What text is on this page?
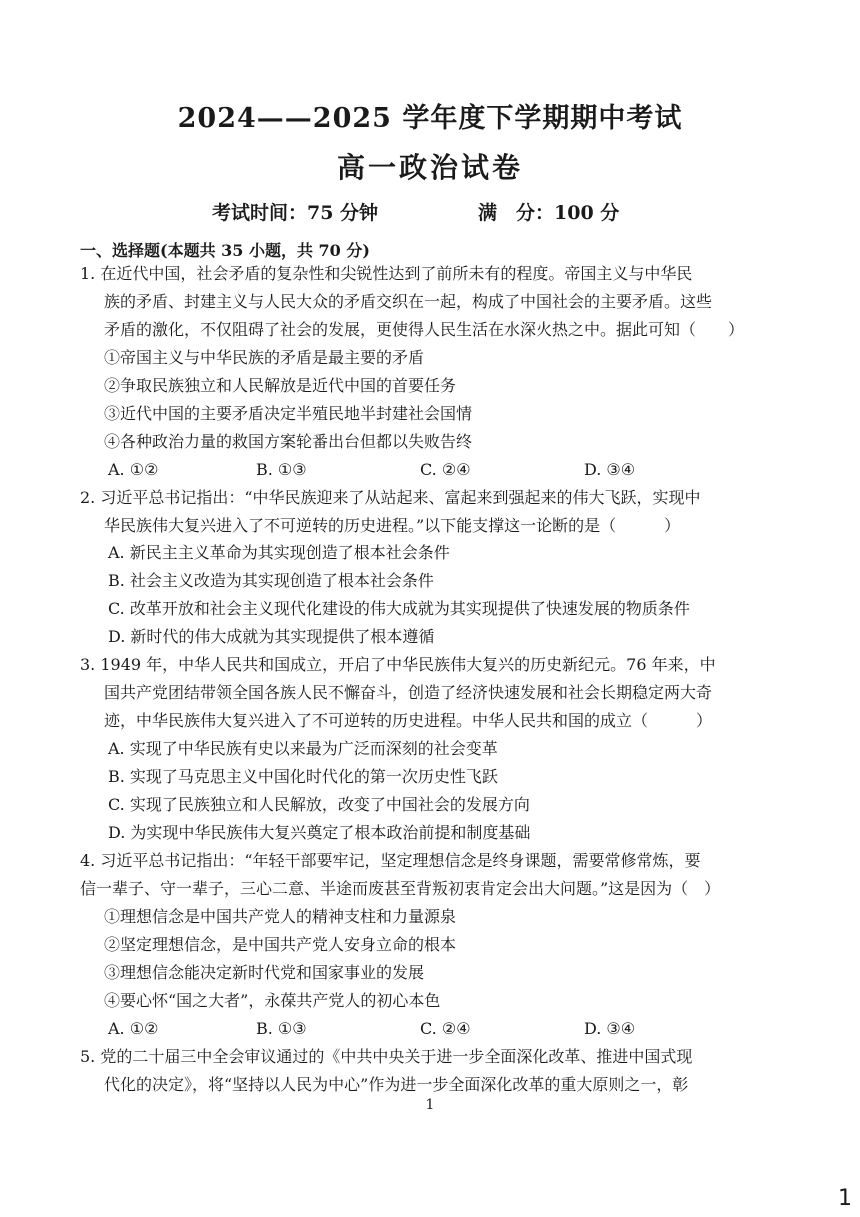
2024——2025 学年度下学期期中考试
高一政治试卷
考试时间：75 分钟	满　分：100 分
一、选择题(本题共 35 小题，共 70 分)
1. 在近代中国，社会矛盾的复杂性和尖锐性达到了前所未有的程度。帝国主义与中华民
族的矛盾、封建主义与人民大众的矛盾交织在一起，构成了中国社会的主要矛盾。这些
矛盾的激化，不仅阻碍了社会的发展，更使得人民生活在水深火热之中。据此可知（　　）
①帝国主义与中华民族的矛盾是最主要的矛盾
②争取民族独立和人民解放是近代中国的首要任务
③近代中国的主要矛盾决定半殖民地半封建社会国情
④各种政治力量的救国方案轮番出台但都以失败告终
A. ①②	B. ①③	C. ②④	D. ③④
2. 习近平总书记指出：“中华民族迎来了从站起来、富起来到强起来的伟大飞跃，实现中
华民族伟大复兴进入了不可逆转的历史进程。”以下能支撑这一论断的是（　　　）
A. 新民主主义革命为其实现创造了根本社会条件
B. 社会主义改造为其实现创造了根本社会条件
C. 改革开放和社会主义现代化建设的伟大成就为其实现提供了快速发展的物质条件
D. 新时代的伟大成就为其实现提供了根本遵循
3. 1949 年，中华人民共和国成立，开启了中华民族伟大复兴的历史新纪元。76 年来，中
国共产党团结带领全国各族人民不懈奋斗，创造了经济快速发展和社会长期稳定两大奇
迹，中华民族伟大复兴进入了不可逆转的历史进程。中华人民共和国的成立（　　　）
A. 实现了中华民族有史以来最为广泛而深刻的社会变革
B. 实现了马克思主义中国化时代化的第一次历史性飞跃
C. 实现了民族独立和人民解放，改变了中国社会的发展方向
D. 为实现中华民族伟大复兴奠定了根本政治前提和制度基础
4. 习近平总书记指出：“年轻干部要牢记，坚定理想信念是终身课题，需要常修常炼，要
信一辈子、守一辈子，三心二意、半途而废甚至背叛初衷肯定会出大问题。”这是因为（　）
①理想信念是中国共产党人的精神支柱和力量源泉
②坚定理想信念，是中国共产党人安身立命的根本
③理想信念能决定新时代党和国家事业的发展
④要心怀“国之大者”，永葆共产党人的初心本色
A. ①②	B. ①③	C. ②④	D. ③④
5. 党的二十届三中全会审议通过的《中共中央关于进一步全面深化改革、推进中国式现
代化的决定》，将“坚持以人民为中心”作为进一步全面深化改革的重大原则之一，彰
1
1
